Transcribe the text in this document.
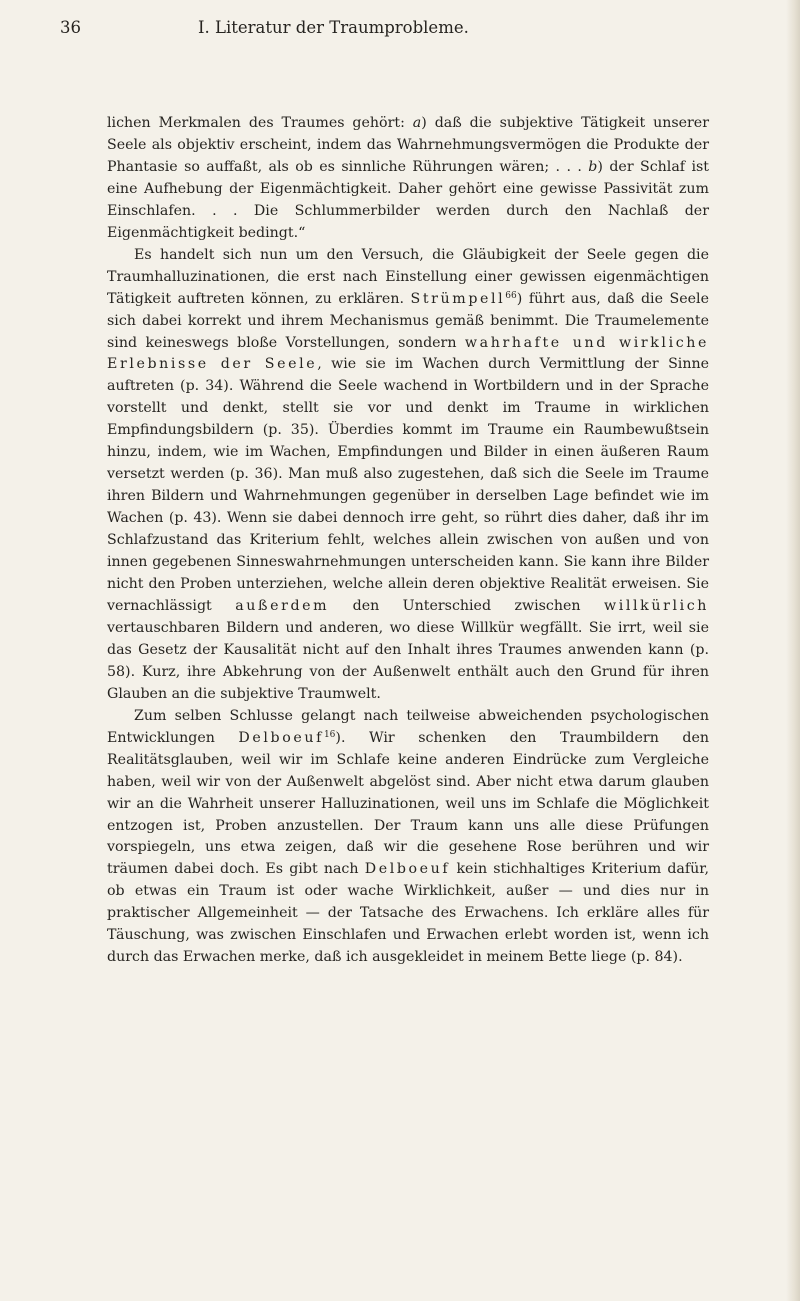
36	I. Literatur der Traumprobleme.

lichen Merkmalen des Traumes gehört: a) daß die subjektive Tätigkeit unserer Seele als objektiv erscheint, indem das Wahrnehmungsvermögen die Produkte der Phantasie so auffaßt, als ob es sinnliche Rührungen wären; . . . b) der Schlaf ist eine Aufhebung der Eigenmächtigkeit. Daher gehört eine gewisse Passivität zum Einschlafen. . . Die Schlummerbilder werden durch den Nachlaß der Eigenmächtigkeit bedingt.“

Es handelt sich nun um den Versuch, die Gläubigkeit der Seele gegen die Traumhalluzinationen, die erst nach Einstellung einer gewissen eigenmächtigen Tätigkeit auftreten können, zu erklären. Strümpell$^{66}$) führt aus, daß die Seele sich dabei korrekt und ihrem Mechanismus gemäß benimmt. Die Traumelemente sind keineswegs bloße Vorstellungen, sondern wahrhafte und wirkliche Erlebnisse der Seele, wie sie im Wachen durch Vermittlung der Sinne auftreten (p. 34). Während die Seele wachend in Wortbildern und in der Sprache vorstellt und denkt, stellt sie vor und denkt im Traume in wirklichen Empfindungsbildern (p. 35). Überdies kommt im Traume ein Raumbewußtsein hinzu, indem, wie im Wachen, Empfindungen und Bilder in einen äußeren Raum versetzt werden (p. 36). Man muß also zugestehen, daß sich die Seele im Traume ihren Bildern und Wahrnehmungen gegenüber in derselben Lage befindet wie im Wachen (p. 43). Wenn sie dabei dennoch irre geht, so rührt dies daher, daß ihr im Schlafzustand das Kriterium fehlt, welches allein zwischen von außen und von innen gegebenen Sinneswahrnehmungen unterscheiden kann. Sie kann ihre Bilder nicht den Proben unterziehen, welche allein deren objektive Realität erweisen. Sie vernachlässigt außerdem den Unterschied zwischen willkürlich vertauschbaren Bildern und anderen, wo diese Willkür wegfällt. Sie irrt, weil sie das Gesetz der Kausalität nicht auf den Inhalt ihres Traumes anwenden kann (p. 58). Kurz, ihre Abkehrung von der Außenwelt enthält auch den Grund für ihren Glauben an die subjektive Traumwelt.

Zum selben Schlusse gelangt nach teilweise abweichenden psychologischen Entwicklungen Delboeuf$^{16}$). Wir schenken den Traumbildern den Realitätsglauben, weil wir im Schlafe keine anderen Eindrücke zum Vergleiche haben, weil wir von der Außenwelt abgelöst sind. Aber nicht etwa darum glauben wir an die Wahrheit unserer Halluzinationen, weil uns im Schlafe die Möglichkeit entzogen ist, Proben anzustellen. Der Traum kann uns alle diese Prüfungen vorspiegeln, uns etwa zeigen, daß wir die gesehene Rose berühren und wir träumen dabei doch. Es gibt nach Delboeuf kein stichhaltiges Kriterium dafür, ob etwas ein Traum ist oder wache Wirklichkeit, außer — und dies nur in praktischer Allgemeinheit — der Tatsache des Erwachens. Ich erkläre alles für Täuschung, was zwischen Einschlafen und Erwachen erlebt worden ist, wenn ich durch das Erwachen merke, daß ich ausgekleidet in meinem Bette liege (p. 84).
